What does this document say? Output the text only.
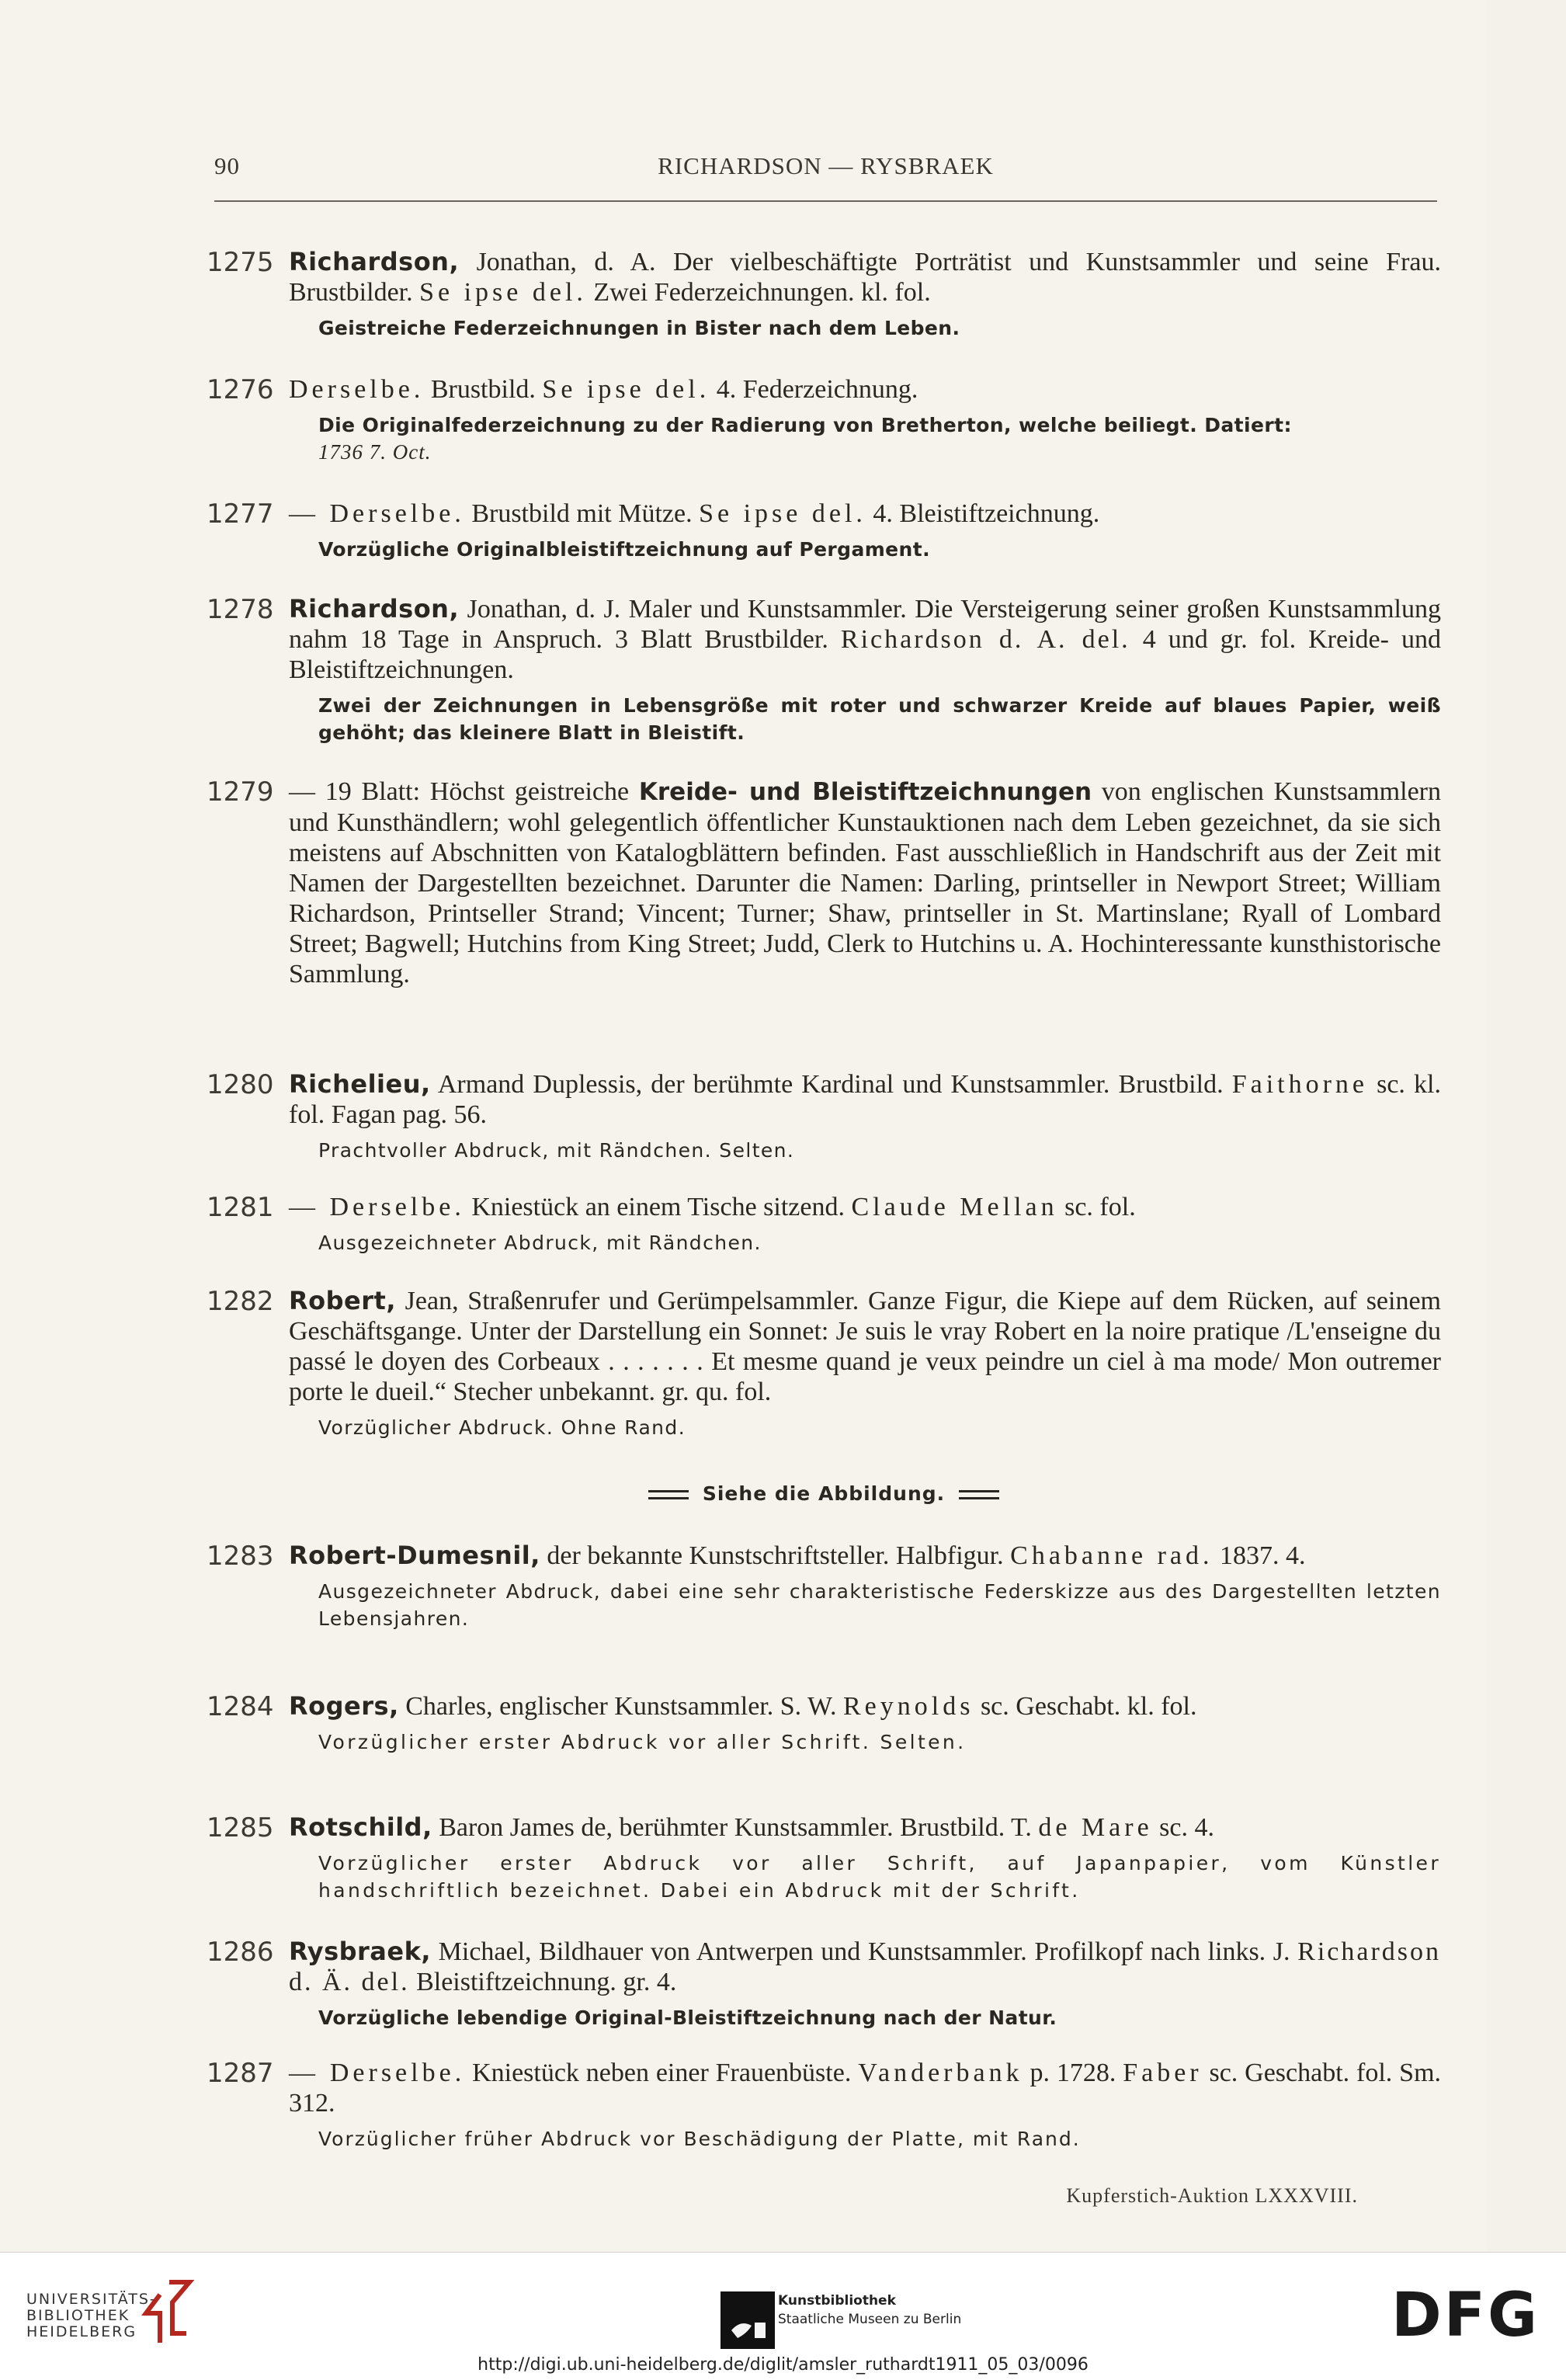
90	RICHARDSON — RYSBRAEK
1275 Richardson, Jonathan, d. A. Der vielbeschäftigte Porträtist und Kunstsammler und seine Frau. Brustbilder. Se ipse del. Zwei Federzeichnungen. kl. fol.
Geistreiche Federzeichnungen in Bister nach dem Leben.
1276 Derselbe. Brustbild. Se ipse del. 4. Federzeichnung.
Die Originalfederzeichnung zu der Radierung von Bretherton, welche beiliegt. Datiert:
1736 7. Oct.
1277 — Derselbe. Brustbild mit Mütze. Se ipse del. 4. Bleistiftzeichnung.
Vorzügliche Originalbleistiftzeichnung auf Pergament.
1278 Richardson, Jonathan, d. J. Maler und Kunstsammler. Die Versteigerung seiner großen Kunstsammlung nahm 18 Tage in Anspruch. 3 Blatt Brustbilder. Richardson d. A. del. 4 und gr. fol. Kreide- und Bleistiftzeichnungen.
Zwei der Zeichnungen in Lebensgröße mit roter und schwarzer Kreide auf blaues Papier, weiß gehöht; das kleinere Blatt in Bleistift.
1279 — 19 Blatt: Höchst geistreiche Kreide- und Bleistiftzeichnungen von englischen Kunstsammlern und Kunsthändlern; wohl gelegentlich öffentlicher Kunstauktionen nach dem Leben gezeichnet, da sie sich meistens auf Abschnitten von Katalogblättern befinden. Fast ausschließlich in Handschrift aus der Zeit mit Namen der Dargestellten bezeichnet. Darunter die Namen: Darling, printseller in Newport Street; William Richardson, Printseller Strand; Vincent; Turner; Shaw, printseller in St. Martinslane; Ryall of Lombard Street; Bagwell; Hutchins from King Street; Judd, Clerk to Hutchins u. A. Hochinteressante kunsthistorische Sammlung.
1280 Richelieu, Armand Duplessis, der berühmte Kardinal und Kunstsammler. Brustbild. Faithorne sc. kl. fol. Fagan pag. 56.
Prachtvoller Abdruck, mit Rändchen. Selten.
1281 — Derselbe. Kniestück an einem Tische sitzend. Claude Mellan sc. fol.
Ausgezeichneter Abdruck, mit Rändchen.
1282 Robert, Jean, Straßenrufer und Gerümpelsammler. Ganze Figur, die Kiepe auf dem Rücken, auf seinem Geschäftsgange. Unter der Darstellung ein Sonnet: Je suis le vray Robert en la noire pratique /L'enseigne du passé le doyen des Corbeaux . . . . . . . Et mesme quand je veux peindre un ciel à ma mode/ Mon outremer porte le dueil.“ Stecher unbekannt. gr. qu. fol.
Vorzüglicher Abdruck. Ohne Rand.
Siehe die Abbildung.
1283 Robert-Dumesnil, der bekannte Kunstschriftsteller. Halbfigur. Chabanne rad. 1837. 4.
Ausgezeichneter Abdruck, dabei eine sehr charakteristische Federskizze aus des Dargestellten letzten Lebensjahren.
1284 Rogers, Charles, englischer Kunstsammler. S. W. Reynolds sc. Geschabt. kl. fol.
Vorzüglicher erster Abdruck vor aller Schrift. Selten.
1285 Rotschild, Baron James de, berühmter Kunstsammler. Brustbild. T. de Mare sc. 4.
Vorzüglicher erster Abdruck vor aller Schrift, auf Japanpapier, vom Künstler handschriftlich bezeichnet. Dabei ein Abdruck mit der Schrift.
1286 Rysbraek, Michael, Bildhauer von Antwerpen und Kunstsammler. Profilkopf nach links. J. Richardson d. Ä. del. Bleistiftzeichnung. gr. 4.
Vorzügliche lebendige Original-Bleistiftzeichnung nach der Natur.
1287 — Derselbe. Kniestück neben einer Frauenbüste. Vanderbank p. 1728. Faber sc. Geschabt. fol. Sm. 312.
Vorzüglicher früher Abdruck vor Beschädigung der Platte, mit Rand.
Kupferstich-Auktion LXXXVIII.
UNIVERSITÄTS-
BIBLIOTHEK
HEIDELBERG
Kunstbibliothek
Staatliche Museen zu Berlin	DFG
http://digi.ub.uni-heidelberg.de/diglit/amsler_ruthardt1911_05_03/0096
